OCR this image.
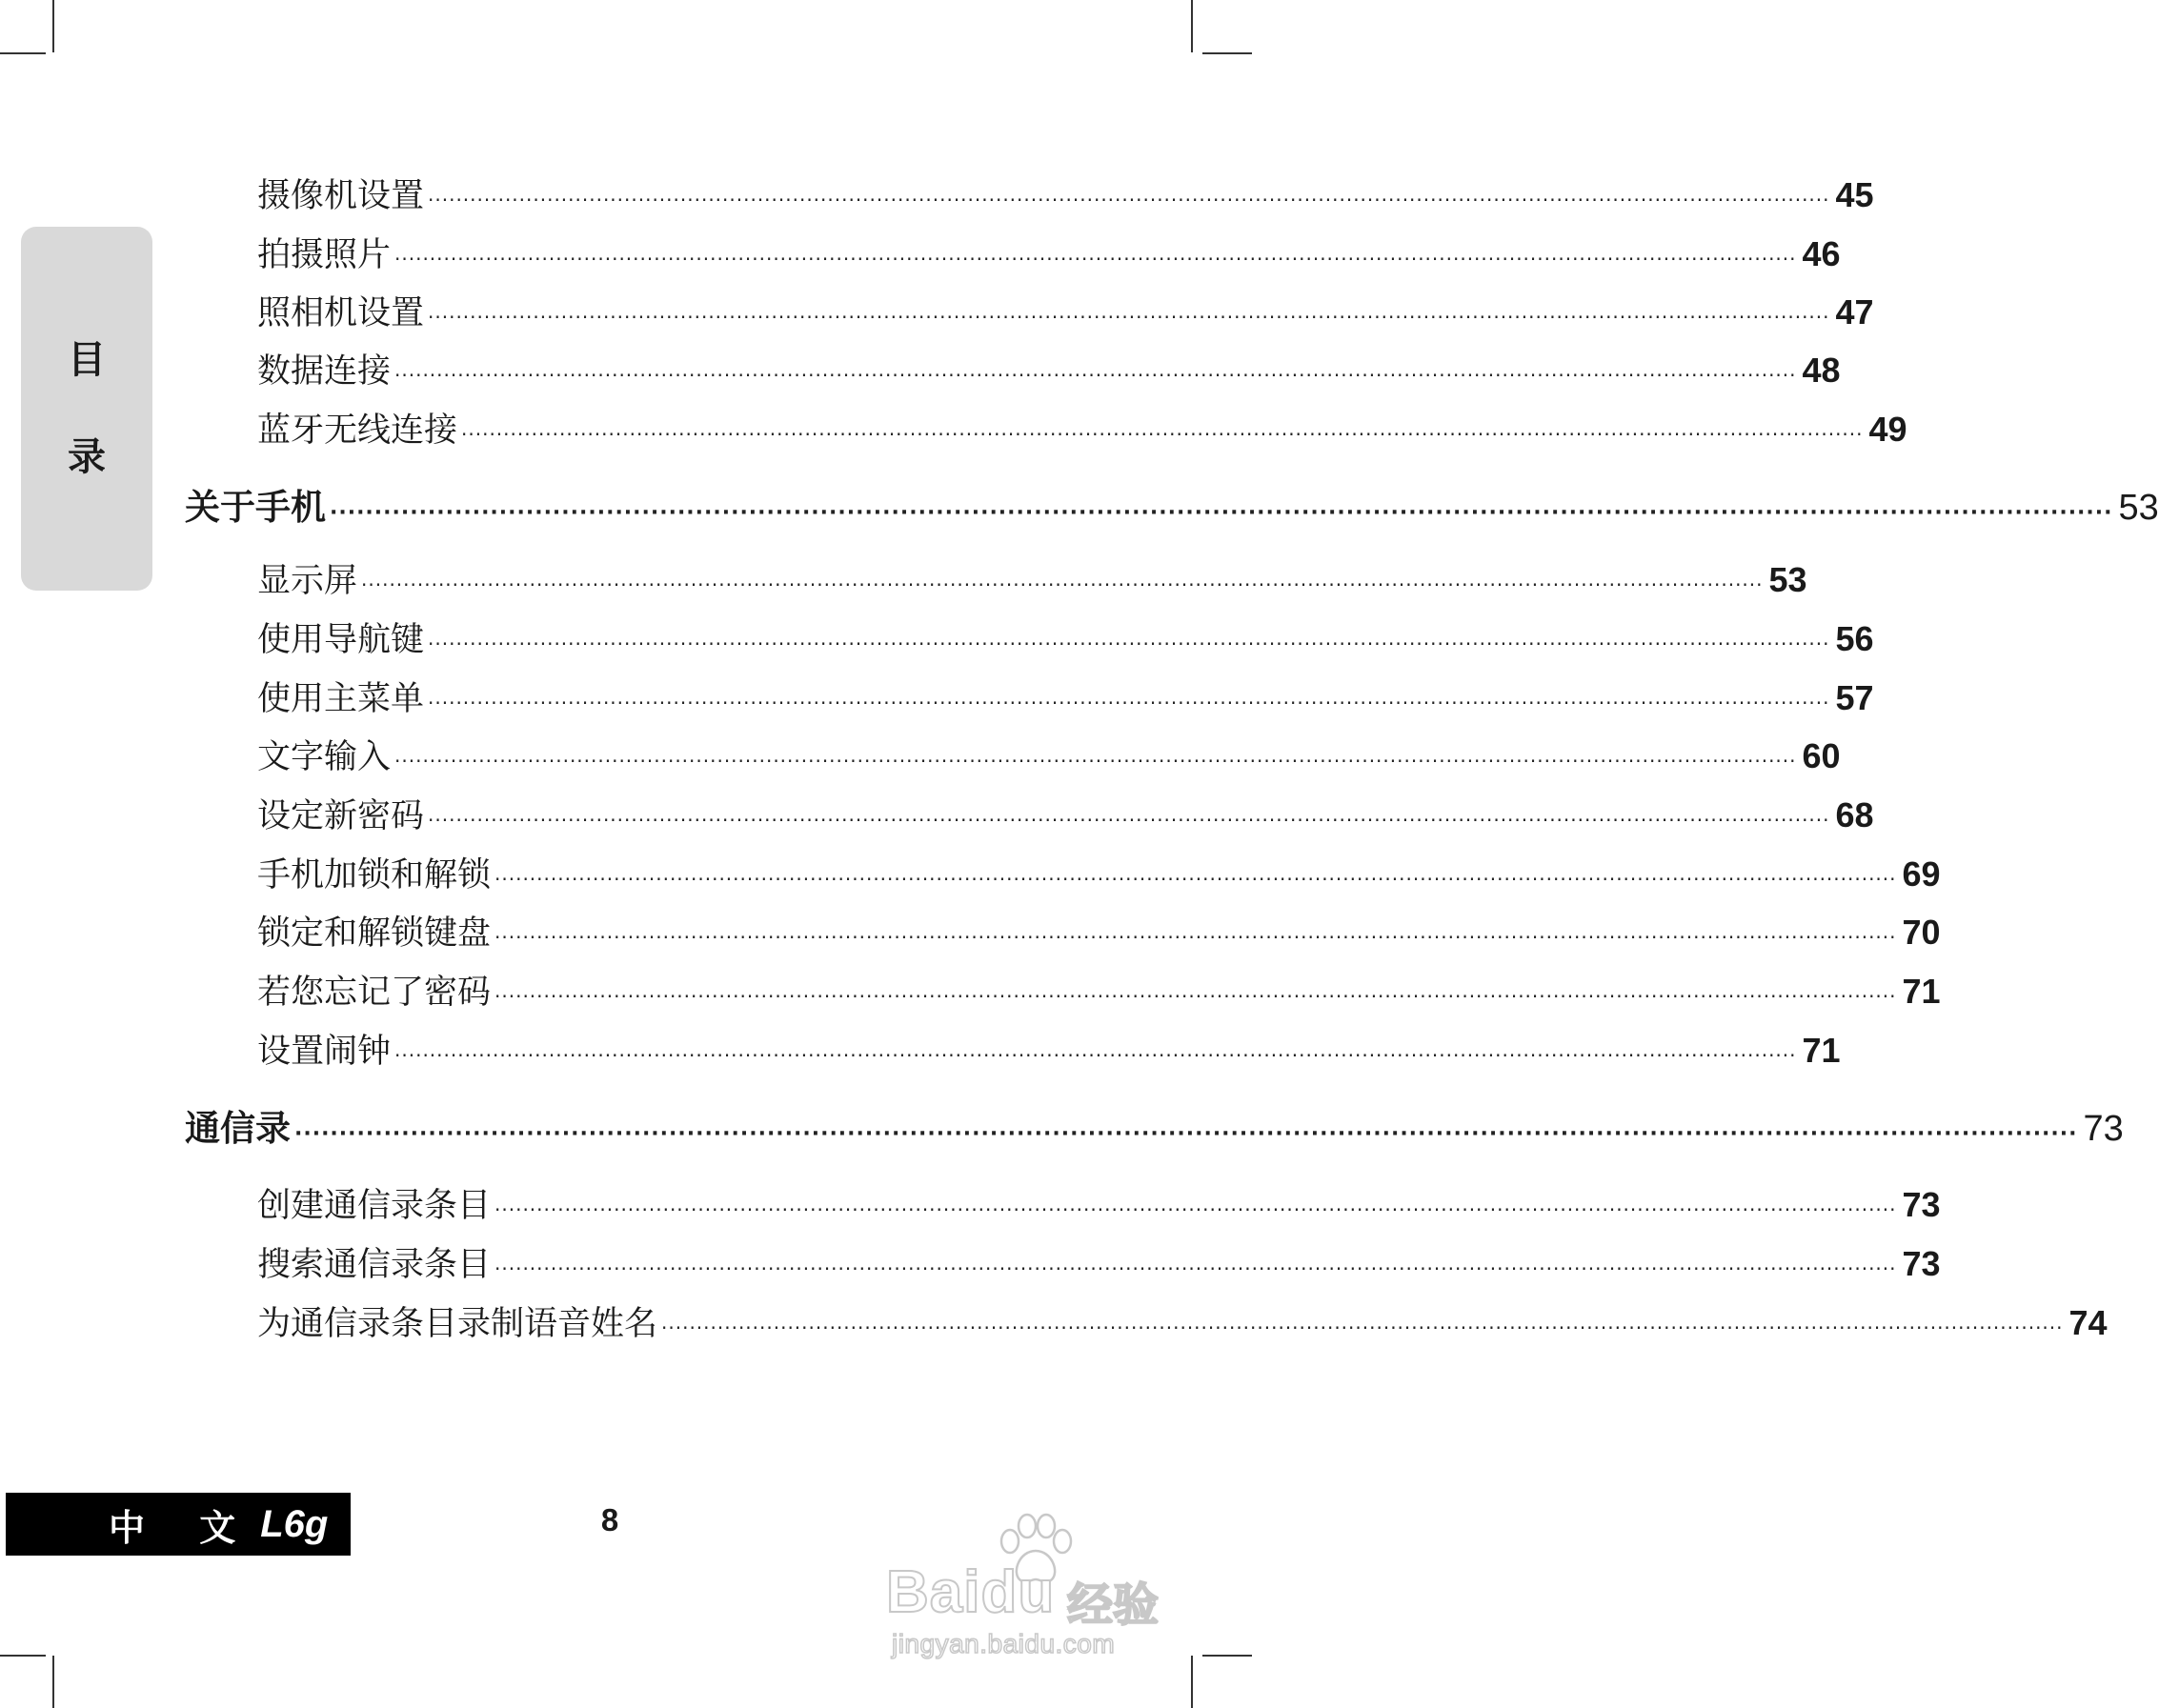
目
录
摄像机设置 ········································································································································································································ 45
拍摄照片 ········································································································································································································ 46
照相机设置 ········································································································································································································ 47
数据连接 ········································································································································································································ 48
蓝牙无线连接 ········································································································································································································ 49
关于手机 ········································································································································································································ 53
显示屏 ········································································································································································································ 53
使用导航键 ········································································································································································································ 56
使用主菜单 ········································································································································································································ 57
文字输入 ········································································································································································································ 60
设定新密码 ········································································································································································································ 68
手机加锁和解锁 ········································································································································································································ 69
锁定和解锁键盘 ········································································································································································································ 70
若您忘记了密码 ········································································································································································································ 71
设置闹钟 ········································································································································································································ 71
通信录 ········································································································································································································ 73
创建通信录条目 ········································································································································································································ 73
搜索通信录条目 ········································································································································································································ 73
为通信录条目录制语音姓名 ········································································································································································································ 74
中 文 L6g	8
Baidu 经验
jingyan.baidu.com
